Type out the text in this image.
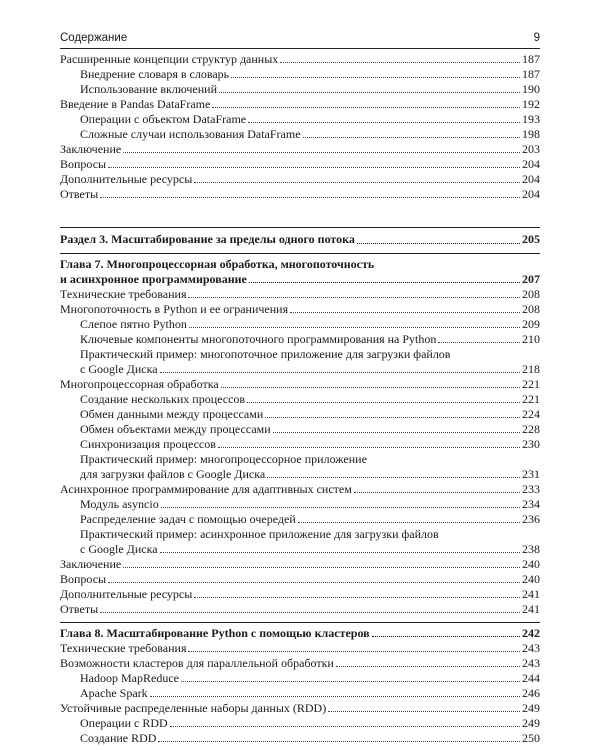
Содержание	9
Расширенные концепции структур данных	187
Внедрение словаря в словарь	187
Использование включений	190
Введение в Pandas DataFrame	192
Операции с объектом DataFrame	193
Сложные случаи использования DataFrame	198
Заключение	203
Вопросы	204
Дополнительные ресурсы	204
Ответы	204
Раздел 3. Масштабирование за пределы одного потока	205
Глава 7. Многопроцессорная обработка, многопоточность
и асинхронное программирование	207
Технические требования	208
Многопоточность в Python и ее ограничения	208
Слепое пятно Python	209
Ключевые компоненты многопоточного программирования на Python	210
Практический пример: многопоточное приложение для загрузки файлов
с Google Диска	218
Многопроцессорная обработка	221
Создание нескольких процессов	221
Обмен данными между процессами	224
Обмен объектами между процессами	228
Синхронизация процессов	230
Практический пример: многопроцессорное приложение
для загрузки файлов с Google Диска	231
Асинхронное программирование для адаптивных систем	233
Модуль asyncio	234
Распределение задач с помощью очередей	236
Практический пример: асинхронное приложение для загрузки файлов
с Google Диска	238
Заключение	240
Вопросы	240
Дополнительные ресурсы	241
Ответы	241
Глава 8. Масштабирование Python с помощью кластеров	242
Технические требования	243
Возможности кластеров для параллельной обработки	243
Hadoop MapReduce	244
Apache Spark	246
Устойчивые распределенные наборы данных (RDD)	249
Операции с RDD	249
Создание RDD	250
